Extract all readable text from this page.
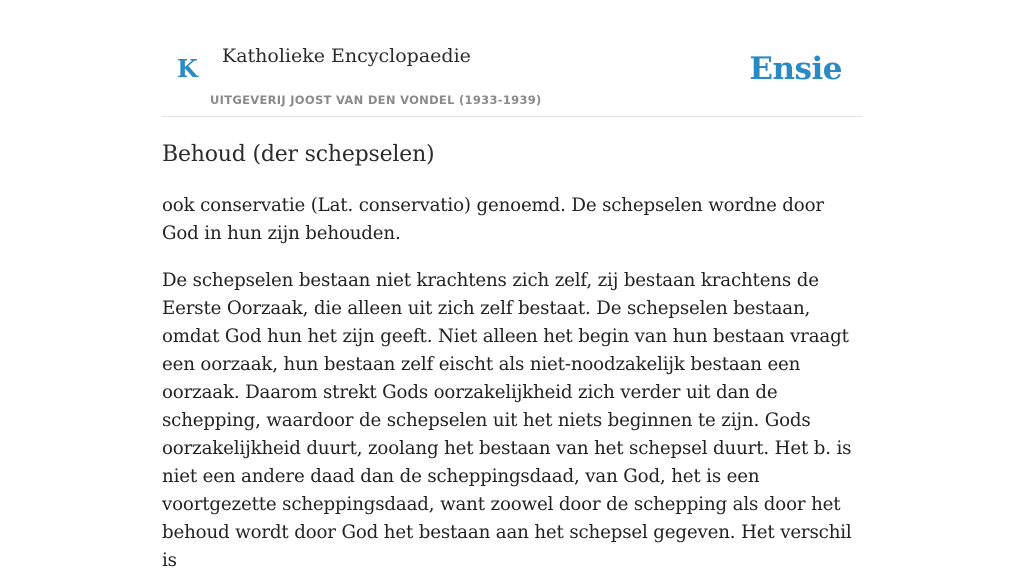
K Katholieke Encyclopaedie
UITGEVERIJ JOOST VAN DEN VONDEL (1933-1939)
Ensie
Behoud (der schepselen)

ook conservatie (Lat. conservatio) genoemd. De schepselen wordne door God in hun zijn behouden.

De schepselen bestaan niet krachtens zich zelf, zij bestaan krachtens de Eerste Oorzaak, die alleen uit zich zelf bestaat. De schepselen bestaan, omdat God hun het zijn geeft. Niet alleen het begin van hun bestaan vraagt een oorzaak, hun bestaan zelf eischt als niet-noodzakelijk bestaan een oorzaak. Daarom strekt Gods oorzakelijkheid zich verder uit dan de schepping, waardoor de schepselen uit het niets beginnen te zijn. Gods oorzakelijkheid duurt, zoolang het bestaan van het schepsel duurt. Het b. is niet een andere daad dan de scheppingsdaad, van God, het is een voortgezette scheppingsdaad, want zoowel door de schepping als door het behoud wordt door God het bestaan aan het schepsel gegeven. Het verschil is
